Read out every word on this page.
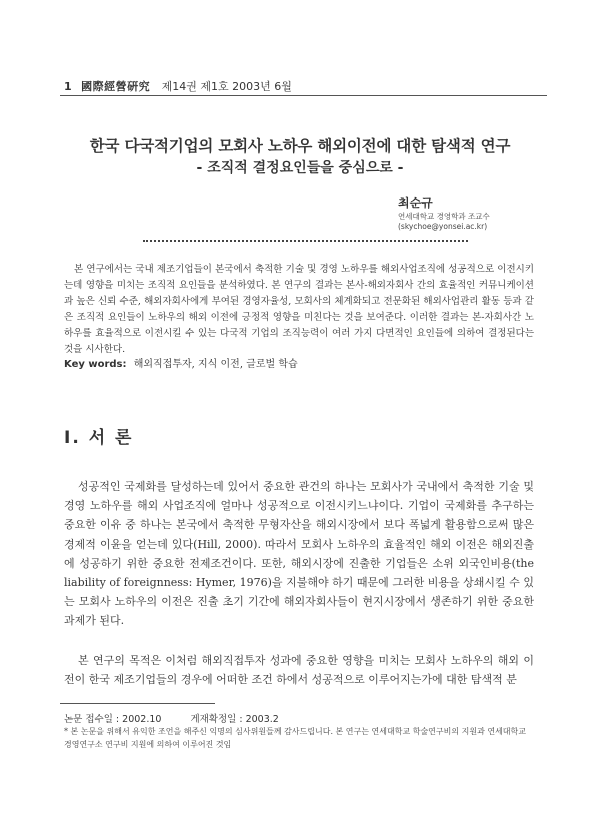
1 國際經營硏究 제14권 제1호 2003년 6월
한국 다국적기업의 모회사 노하우 해외이전에 대한 탐색적 연구
- 조직적 결정요인들을 중심으로 -
최순규
연세대학교 경영학과 조교수
(skychoe@yonsei.ac.kr)
본 연구에서는 국내 제조기업들이 본국에서 축적한 기술 및 경영 노하우를 해외사업조직에 성공적으로 이전시키는데 영향을 미치는 조직적 요인들을 분석하였다. 본 연구의 결과는 본사-해외자회사 간의 효율적인 커뮤니케이션과 높은 신뢰 수준, 해외자회사에게 부여된 경영자율성, 모회사의 체계화되고 전문화된 해외사업관리 활동 등과 같은 조직적 요인들이 노하우의 해외 이전에 긍정적 영향을 미친다는 것을 보여준다. 이러한 결과는 본-자회사간 노하우를 효율적으로 이전시킬 수 있는 다국적 기업의 조직능력이 여러 가지 다면적인 요인들에 의하여 결정된다는 것을 시사한다.
Key words: 해외직접투자, 지식 이전, 글로벌 학습
Ⅰ. 서 론
성공적인 국제화를 달성하는데 있어서 중요한 관건의 하나는 모회사가 국내에서 축적한 기술 및 경영 노하우를 해외 사업조직에 얼마나 성공적으로 이전시키느냐이다. 기업이 국제화를 추구하는 중요한 이유 중 하나는 본국에서 축적한 무형자산을 해외시장에서 보다 폭넓게 활용함으로써 많은 경제적 이윤을 얻는데 있다(Hill, 2000). 따라서 모회사 노하우의 효율적인 해외 이전은 해외진출에 성공하기 위한 중요한 전제조건이다. 또한, 해외시장에 진출한 기업들은 소위 외국인비용(the liability of foreignness: Hymer, 1976)을 지불해야 하기 때문에 그러한 비용을 상쇄시킬 수 있는 모회사 노하우의 이전은 진출 초기 기간에 해외자회사들이 현지시장에서 생존하기 위한 중요한 과제가 된다.
본 연구의 목적은 이처럼 해외직접투자 성과에 중요한 영향을 미치는 모회사 노하우의 해외 이전이 한국 제조기업들의 경우에 어떠한 조건 하에서 성공적으로 이루어지는가에 대한 탐색적 분
논문 접수일 : 2002.10	게재확정일 : 2003.2
* 본 논문을 위해서 유익한 조언을 해주신 익명의 심사위원들께 감사드립니다. 본 연구는 연세대학교 학술연구비의 지원과 연세대학교 경영연구소 연구비 지원에 의하여 이루어진 것임
